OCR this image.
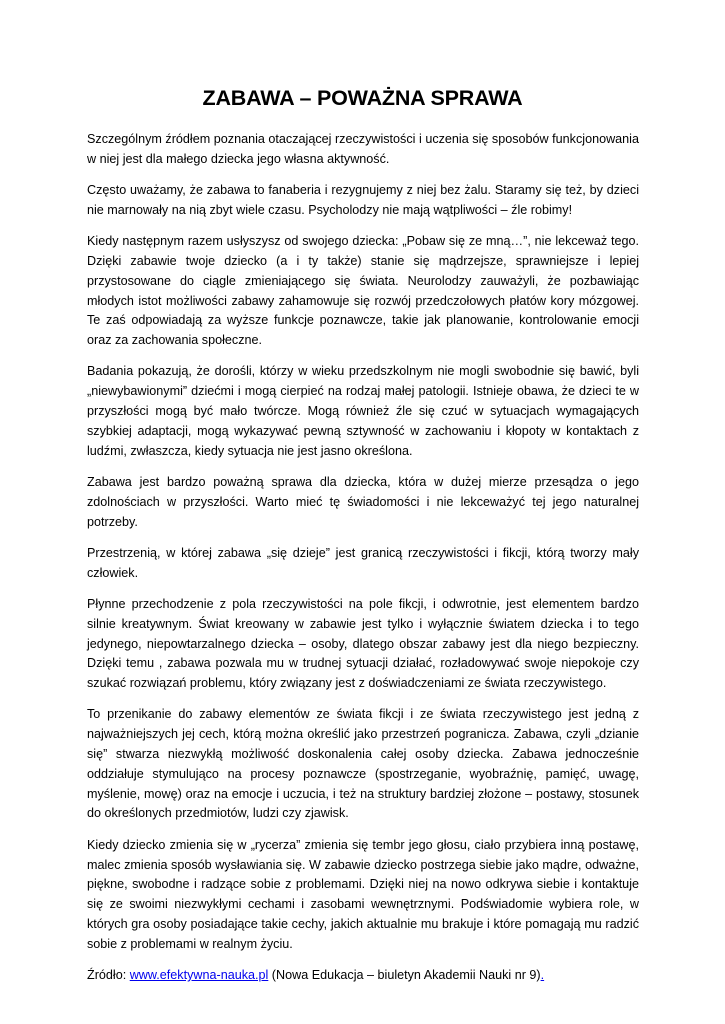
ZABAWA – POWAŻNA SPRAWA

Szczególnym źródłem poznania otaczającej rzeczywistości i uczenia się sposobów funkcjonowania w niej jest dla małego dziecka jego własna aktywność.

Często uważamy, że zabawa to fanaberia i rezygnujemy z niej bez żalu. Staramy się też, by dzieci nie marnowały na nią zbyt wiele czasu. Psycholodzy nie mają wątpliwości – źle robimy!

Kiedy następnym razem usłyszysz od swojego dziecka: „Pobaw się ze mną…”, nie lekceważ tego. Dzięki zabawie twoje dziecko (a i ty także) stanie się mądrzejsze, sprawniejsze i lepiej przystosowane do ciągle zmieniającego się świata. Neurolodzy zauważyli, że pozbawiając młodych istot możliwości zabawy zahamowuje się rozwój przedczołowych płatów kory mózgowej. Te zaś odpowiadają za wyższe funkcje poznawcze, takie jak planowanie, kontrolowanie emocji oraz za zachowania społeczne.

Badania pokazują, że dorośli, którzy w wieku przedszkolnym nie mogli swobodnie się bawić, byli „niewybawionymi” dziećmi i mogą cierpieć na rodzaj małej patologii. Istnieje obawa, że dzieci te w przyszłości mogą być mało twórcze. Mogą również źle się czuć w sytuacjach wymagających szybkiej adaptacji, mogą wykazywać pewną sztywność w zachowaniu i kłopoty w kontaktach z ludźmi, zwłaszcza, kiedy sytuacja nie jest jasno określona.

Zabawa jest bardzo poważną sprawa dla dziecka, która w dużej mierze przesądza o jego zdolnościach w przyszłości. Warto mieć tę świadomości i nie lekceważyć tej jego naturalnej potrzeby.

Przestrzenią, w której zabawa „się dzieje” jest granicą rzeczywistości i fikcji, którą tworzy mały człowiek.

Płynne przechodzenie z pola rzeczywistości na pole fikcji, i odwrotnie, jest elementem bardzo silnie kreatywnym. Świat kreowany w zabawie jest tylko i wyłącznie światem dziecka i to tego jedynego, niepowtarzalnego dziecka – osoby, dlatego obszar zabawy jest dla niego bezpieczny. Dzięki temu , zabawa pozwala mu w trudnej sytuacji działać, rozładowywać swoje niepokoje czy szukać rozwiązań problemu, który związany jest z doświadczeniami ze świata rzeczywistego.

To przenikanie do zabawy elementów ze świata fikcji i ze świata rzeczywistego jest jedną z najważniejszych jej cech, którą można określić jako przestrzeń pogranicza. Zabawa, czyli „dzianie się” stwarza niezwykłą możliwość doskonalenia całej osoby dziecka. Zabawa jednocześnie oddziałuje stymulująco na procesy poznawcze (spostrzeganie, wyobraźnię, pamięć, uwagę, myślenie, mowę) oraz na emocje i uczucia, i też na struktury bardziej złożone – postawy, stosunek do określonych przedmiotów, ludzi czy zjawisk.

Kiedy dziecko zmienia się w „rycerza” zmienia się tembr jego głosu, ciało przybiera inną postawę, malec zmienia sposób wysławiania się. W zabawie dziecko postrzega siebie jako mądre, odważne, piękne, swobodne i radzące sobie z problemami. Dzięki niej na nowo odkrywa siebie i kontaktuje się ze swoimi niezwykłymi cechami i zasobami wewnętrznymi. Podświadomie wybiera role, w których gra osoby posiadające takie cechy, jakich aktualnie mu brakuje i które pomagają mu radzić sobie z problemami w realnym życiu.

Źródło: www.efektywna-nauka.pl (Nowa Edukacja – biuletyn Akademii Nauki nr 9).
